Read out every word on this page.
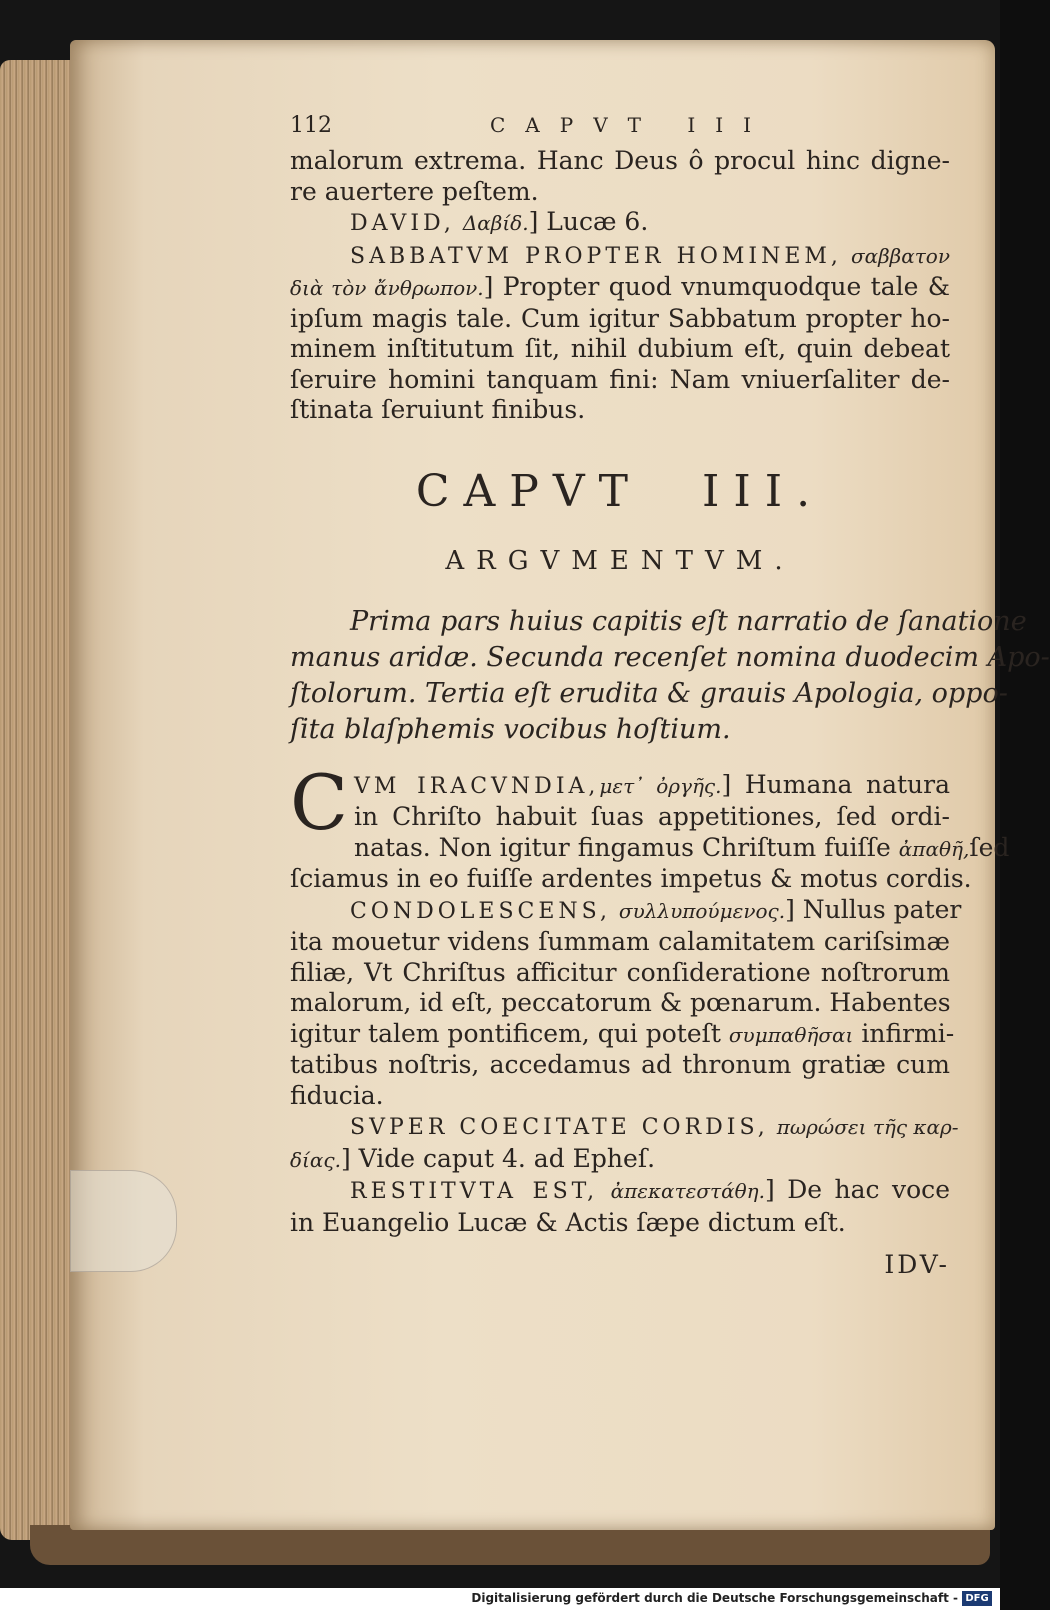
112	CAPVT III
malorum extrema. Hanc Deus ô procul hinc digne-
re auertere peſtem.
DAVID, Δαβίδ.] Lucæ 6.
SABBATVM PROPTER HOMINEM, σαββατον
διὰ τὸν ἄνθρωπον.] Propter quod vnumquodque tale &
ipſum magis tale. Cum igitur Sabbatum propter ho-
minem inſtitutum ſit, nihil dubium eſt, quin debeat
ſeruire homini tanquam fini: Nam vniuerſaliter de-
ſtinata ſeruiunt finibus.
CAPVT III.
ARGVMENTVM.
Prima pars huius capitis eſt narratio de ſanatione
manus aridæ. Secunda recenſet nomina duodecim Apo-
ſtolorum. Tertia eſt erudita & grauis Apologia, oppo-
ſita blaſphemis vocibus hoſtium.
C VM IRACVNDIA,μετ᾽ ὀργῆς.] Humana natura
in Chriſto habuit ſuas appetitiones, ſed ordi-
natas. Non igitur fingamus Chriſtum fuiſſe ἀπαθῆ,ſed
ſciamus in eo fuiſſe ardentes impetus & motus cordis.
CONDOLESCENS, συλλυπούμενος.] Nullus pater
ita mouetur videns ſummam calamitatem cariſsimæ
filiæ, Vt Chriſtus afficitur conſideratione noſtrorum
malorum, id eſt, peccatorum & pœnarum. Habentes
igitur talem pontificem, qui poteſt συμπαθῆσαι infirmi-
tatibus noſtris, accedamus ad thronum gratiæ cum
fiducia.
SVPER COECITATE CORDIS, πωρώσει τῆς καρ-
δίας.] Vide caput 4. ad Epheſ.
RESTITVTA EST, ἀπεκατεστάθη.] De hac voce
in Euangelio Lucæ & Actis ſæpe dictum eſt.
IDV-
Digitalisierung gefördert durch die Deutsche Forschungsgemeinschaft - DFG
